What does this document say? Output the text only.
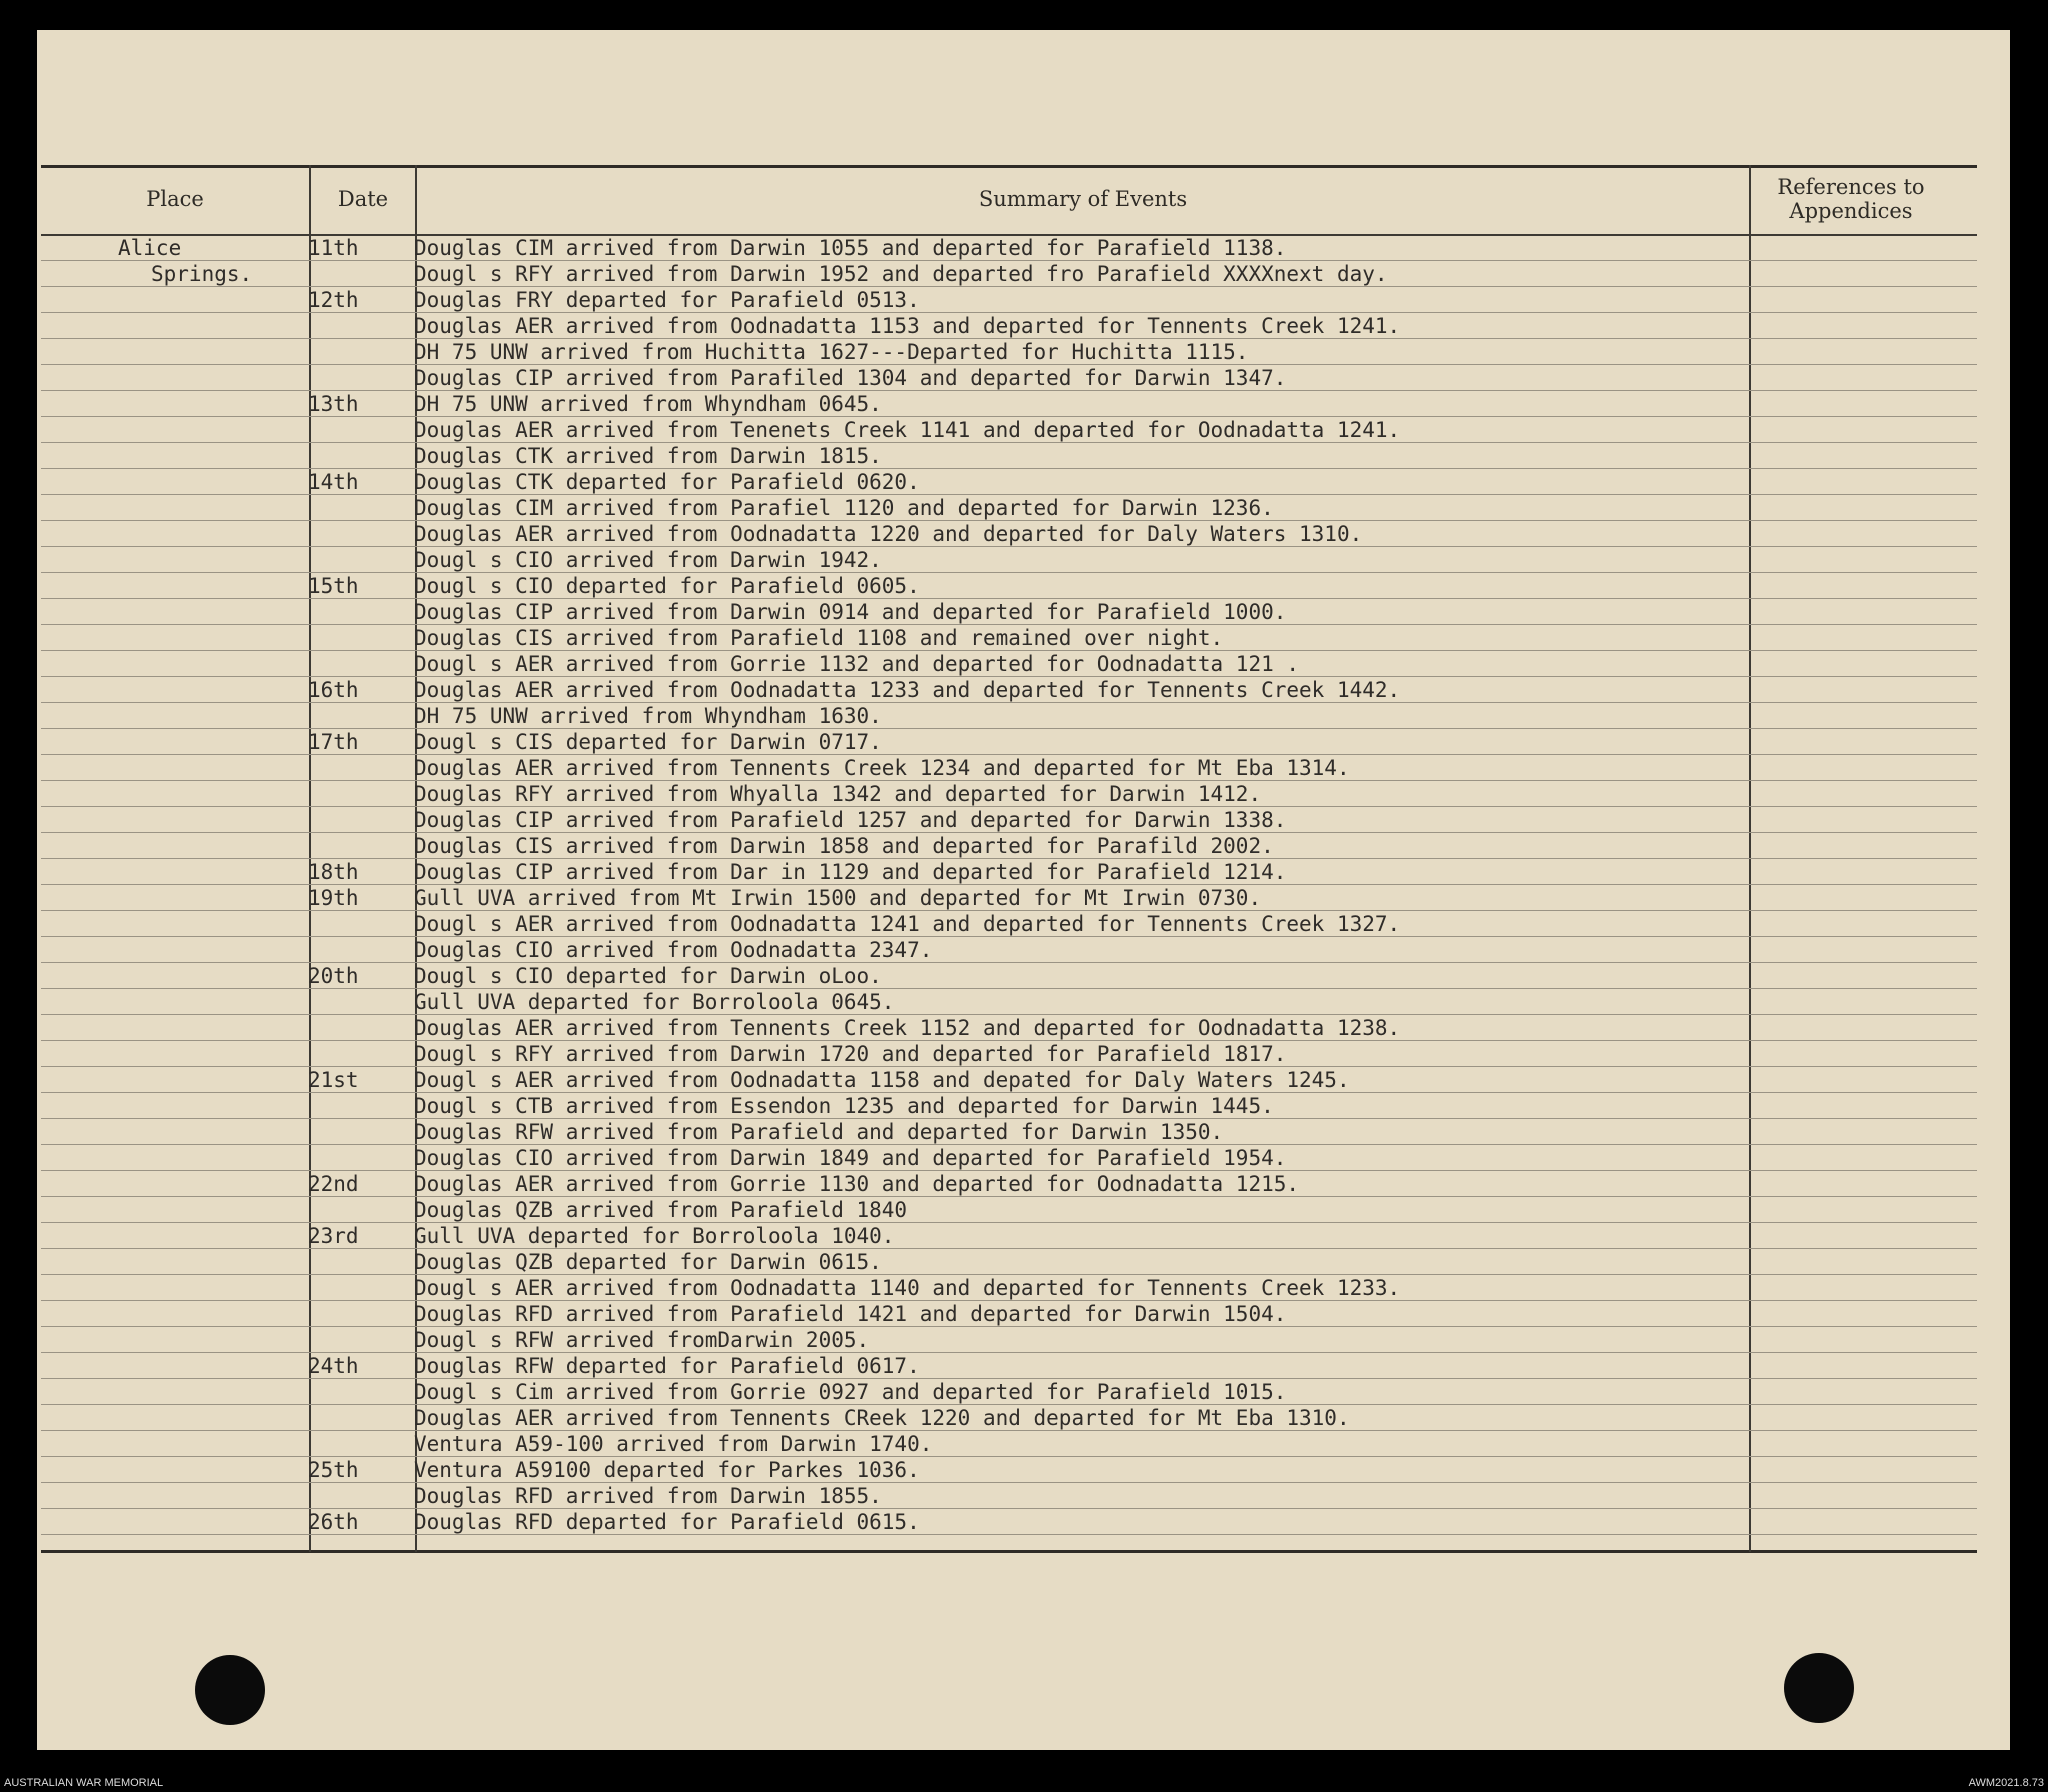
Place	Date	Summary of Events	References to Appendices
Alice
Springs.
11th	Douglas CIM arrived from Darwin 1055 and departed for Parafield 1138.
Dougl s RFY arrived from Darwin 1952 and departed fro Parafield XXXXnext day.
12th	Douglas FRY departed for Parafield 0513.
Douglas AER arrived from Oodnadatta 1153 and departed for Tennents Creek 1241.
DH 75 UNW arrived from Huchitta 1627---Departed for Huchitta 1115.
Douglas CIP arrived from Parafiled 1304 and departed for Darwin 1347.
13th	DH 75 UNW arrived from Whyndham 0645.
Douglas AER arrived from Tenenets Creek 1141 and departed for Oodnadatta 1241.
Douglas CTK arrived from Darwin 1815.
14th	Douglas CTK departed for Parafield 0620.
Douglas CIM arrived from Parafiel 1120 and departed for Darwin 1236.
Douglas AER arrived from Oodnadatta 1220 and departed for Daly Waters 1310.
Dougl s CIO arrived from Darwin 1942.
15th	Dougl s CIO departed for Parafield 0605.
Douglas CIP arrived from Darwin 0914 and departed for Parafield 1000.
Douglas CIS arrived from Parafield 1108 and remained over night.
Dougl s AER arrived from Gorrie 1132 and departed for Oodnadatta 121 .
16th	Douglas AER arrived from Oodnadatta 1233 and departed for Tennents Creek 1442.
DH 75 UNW arrived from Whyndham 1630.
17th	Dougl s CIS departed for Darwin 0717.
Douglas AER arrived from Tennents Creek 1234 and departed for Mt Eba 1314.
Douglas RFY arrived from Whyalla 1342 and departed for Darwin 1412.
Douglas CIP arrived from Parafield 1257 and departed for Darwin 1338.
Douglas CIS arrived from Darwin 1858 and departed for Parafild 2002.
18th	Douglas CIP arrived from Dar in 1129 and departed for Parafield 1214.
19th	Gull UVA arrived from Mt Irwin 1500 and departed for Mt Irwin 0730.
Dougl s AER arrived from Oodnadatta 1241 and departed for Tennents Creek 1327.
Douglas CIO arrived from Oodnadatta 2347.
20th	Dougl s CIO departed for Darwin oLoo.
Gull UVA departed for Borroloola 0645.
Douglas AER arrived from Tennents Creek 1152 and departed for Oodnadatta 1238.
Dougl s RFY arrived from Darwin 1720 and departed for Parafield 1817.
21st	Dougl s AER arrived from Oodnadatta 1158 and depated for Daly Waters 1245.
Dougl s CTB arrived from Essendon 1235 and departed for Darwin 1445.
Douglas RFW arrived from Parafield and departed for Darwin 1350.
Douglas CIO arrived from Darwin 1849 and departed for Parafield 1954.
22nd	Douglas AER arrived from Gorrie 1130 and departed for Oodnadatta 1215.
Douglas QZB arrived from Parafield 1840
23rd	Gull UVA departed for Borroloola 1040.
Douglas QZB departed for Darwin 0615.
Dougl s AER arrived from Oodnadatta 1140 and departed for Tennents Creek 1233.
Douglas RFD arrived from Parafield 1421 and departed for Darwin 1504.
Dougl s RFW arrived fromDarwin 2005.
24th	Douglas RFW departed for Parafield 0617.
Dougl s Cim arrived from Gorrie 0927 and departed for Parafield 1015.
Douglas AER arrived from Tennents CReek 1220 and departed for Mt Eba 1310.
Ventura A59-100 arrived from Darwin 1740.
25th	Ventura A59100 departed for Parkes 1036.
Douglas RFD arrived from Darwin 1855.
26th	Douglas RFD departed for Parafield 0615.
AUSTRALIAN WAR MEMORIAL	AWM2021.8.73
